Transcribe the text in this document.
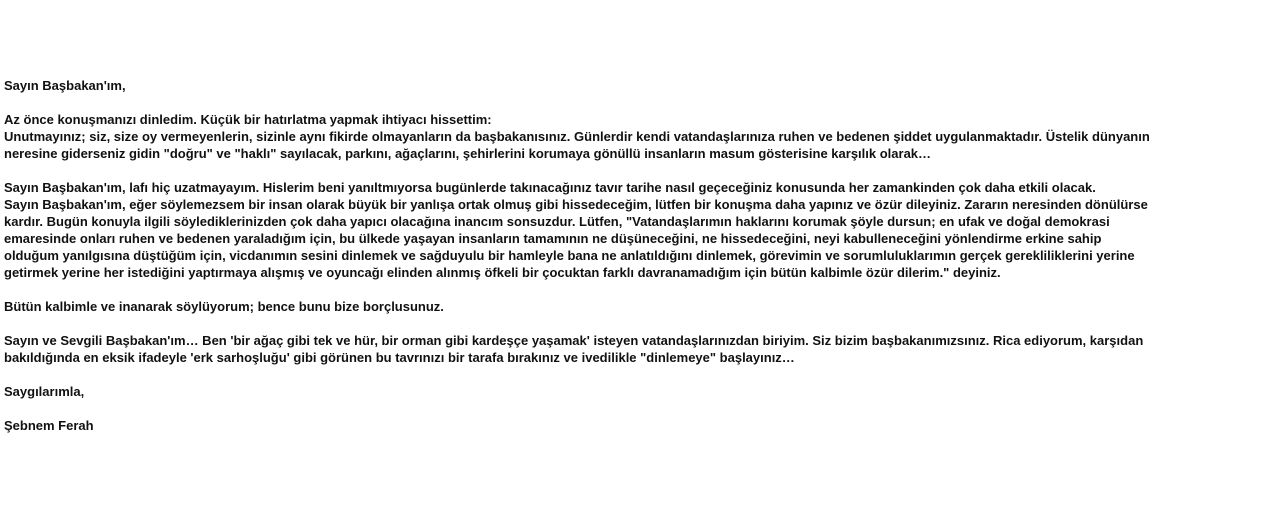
Sayın Başbakan'ım,

Az önce konuşmanızı dinledim. Küçük bir hatırlatma yapmak ihtiyacı hissettim:
Unutmayınız; siz, size oy vermeyenlerin, sizinle aynı fikirde olmayanların da başbakanısınız. Günlerdir kendi vatandaşlarınıza ruhen ve bedenen şiddet uygulanmaktadır. Üstelik dünyanın
neresine giderseniz gidin "doğru" ve "haklı" sayılacak, parkını, ağaçlarını, şehirlerini korumaya gönüllü insanların masum gösterisine karşılık olarak…

Sayın Başbakan'ım, lafı hiç uzatmayayım. Hislerim beni yanıltmıyorsa bugünlerde takınacağınız tavır tarihe nasıl geçeceğiniz konusunda her zamankinden çok daha etkili olacak.
Sayın Başbakan'ım, eğer söylemezsem bir insan olarak büyük bir yanlışa ortak olmuş gibi hissedeceğim, lütfen bir konuşma daha yapınız ve özür dileyiniz. Zararın neresinden dönülürse
kardır. Bugün konuyla ilgili söylediklerinizden çok daha yapıcı olacağına inancım sonsuzdur. Lütfen, "Vatandaşlarımın haklarını korumak şöyle dursun; en ufak ve doğal demokrasi
emaresinde onları ruhen ve bedenen yaraladığım için, bu ülkede yaşayan insanların tamamının ne düşüneceğini, ne hissedeceğini, neyi kabulleneceğini yönlendirme erkine sahip
olduğum yanılgısına düştüğüm için, vicdanımın sesini dinlemek ve sağduyulu bir hamleyle bana ne anlatıldığını dinlemek, görevimin ve sorumluluklarımın gerçek gerekliliklerini yerine
getirmek yerine her istediğini yaptırmaya alışmış ve oyuncağı elinden alınmış öfkeli bir çocuktan farklı davranamadığım için bütün kalbimle özür dilerim." deyiniz.

Bütün kalbimle ve inanarak söylüyorum; bence bunu bize borçlusunuz.

Sayın ve Sevgili Başbakan'ım… Ben 'bir ağaç gibi tek ve hür, bir orman gibi kardeşçe yaşamak' isteyen vatandaşlarınızdan biriyim. Siz bizim başbakanımızsınız. Rica ediyorum, karşıdan
bakıldığında en eksik ifadeyle 'erk sarhoşluğu' gibi görünen bu tavrınızı bir tarafa bırakınız ve ivedilikle "dinlemeye" başlayınız…

Saygılarımla,

Şebnem Ferah
